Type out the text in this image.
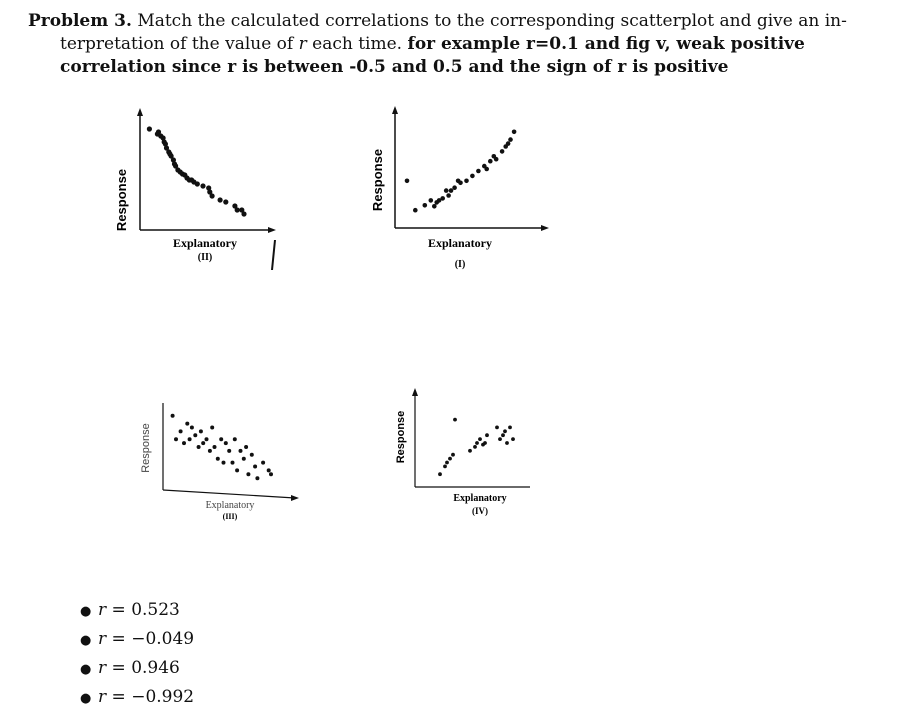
Problem 3. Match the calculated correlations to the corresponding scatterplot and give an in-
terpretation of the value of r each time. for example r=0.1 and fig v, weak positive
correlation since r is between -0.5 and 0.5 and the sign of r is positive
Response
Explanatory
(II)
Response
Explanatory
(I)
Response
Explanatory
(III)
Response
Explanatory
(IV)
● r = 0.523
● r = −0.049
● r = 0.946
● r = −0.992
